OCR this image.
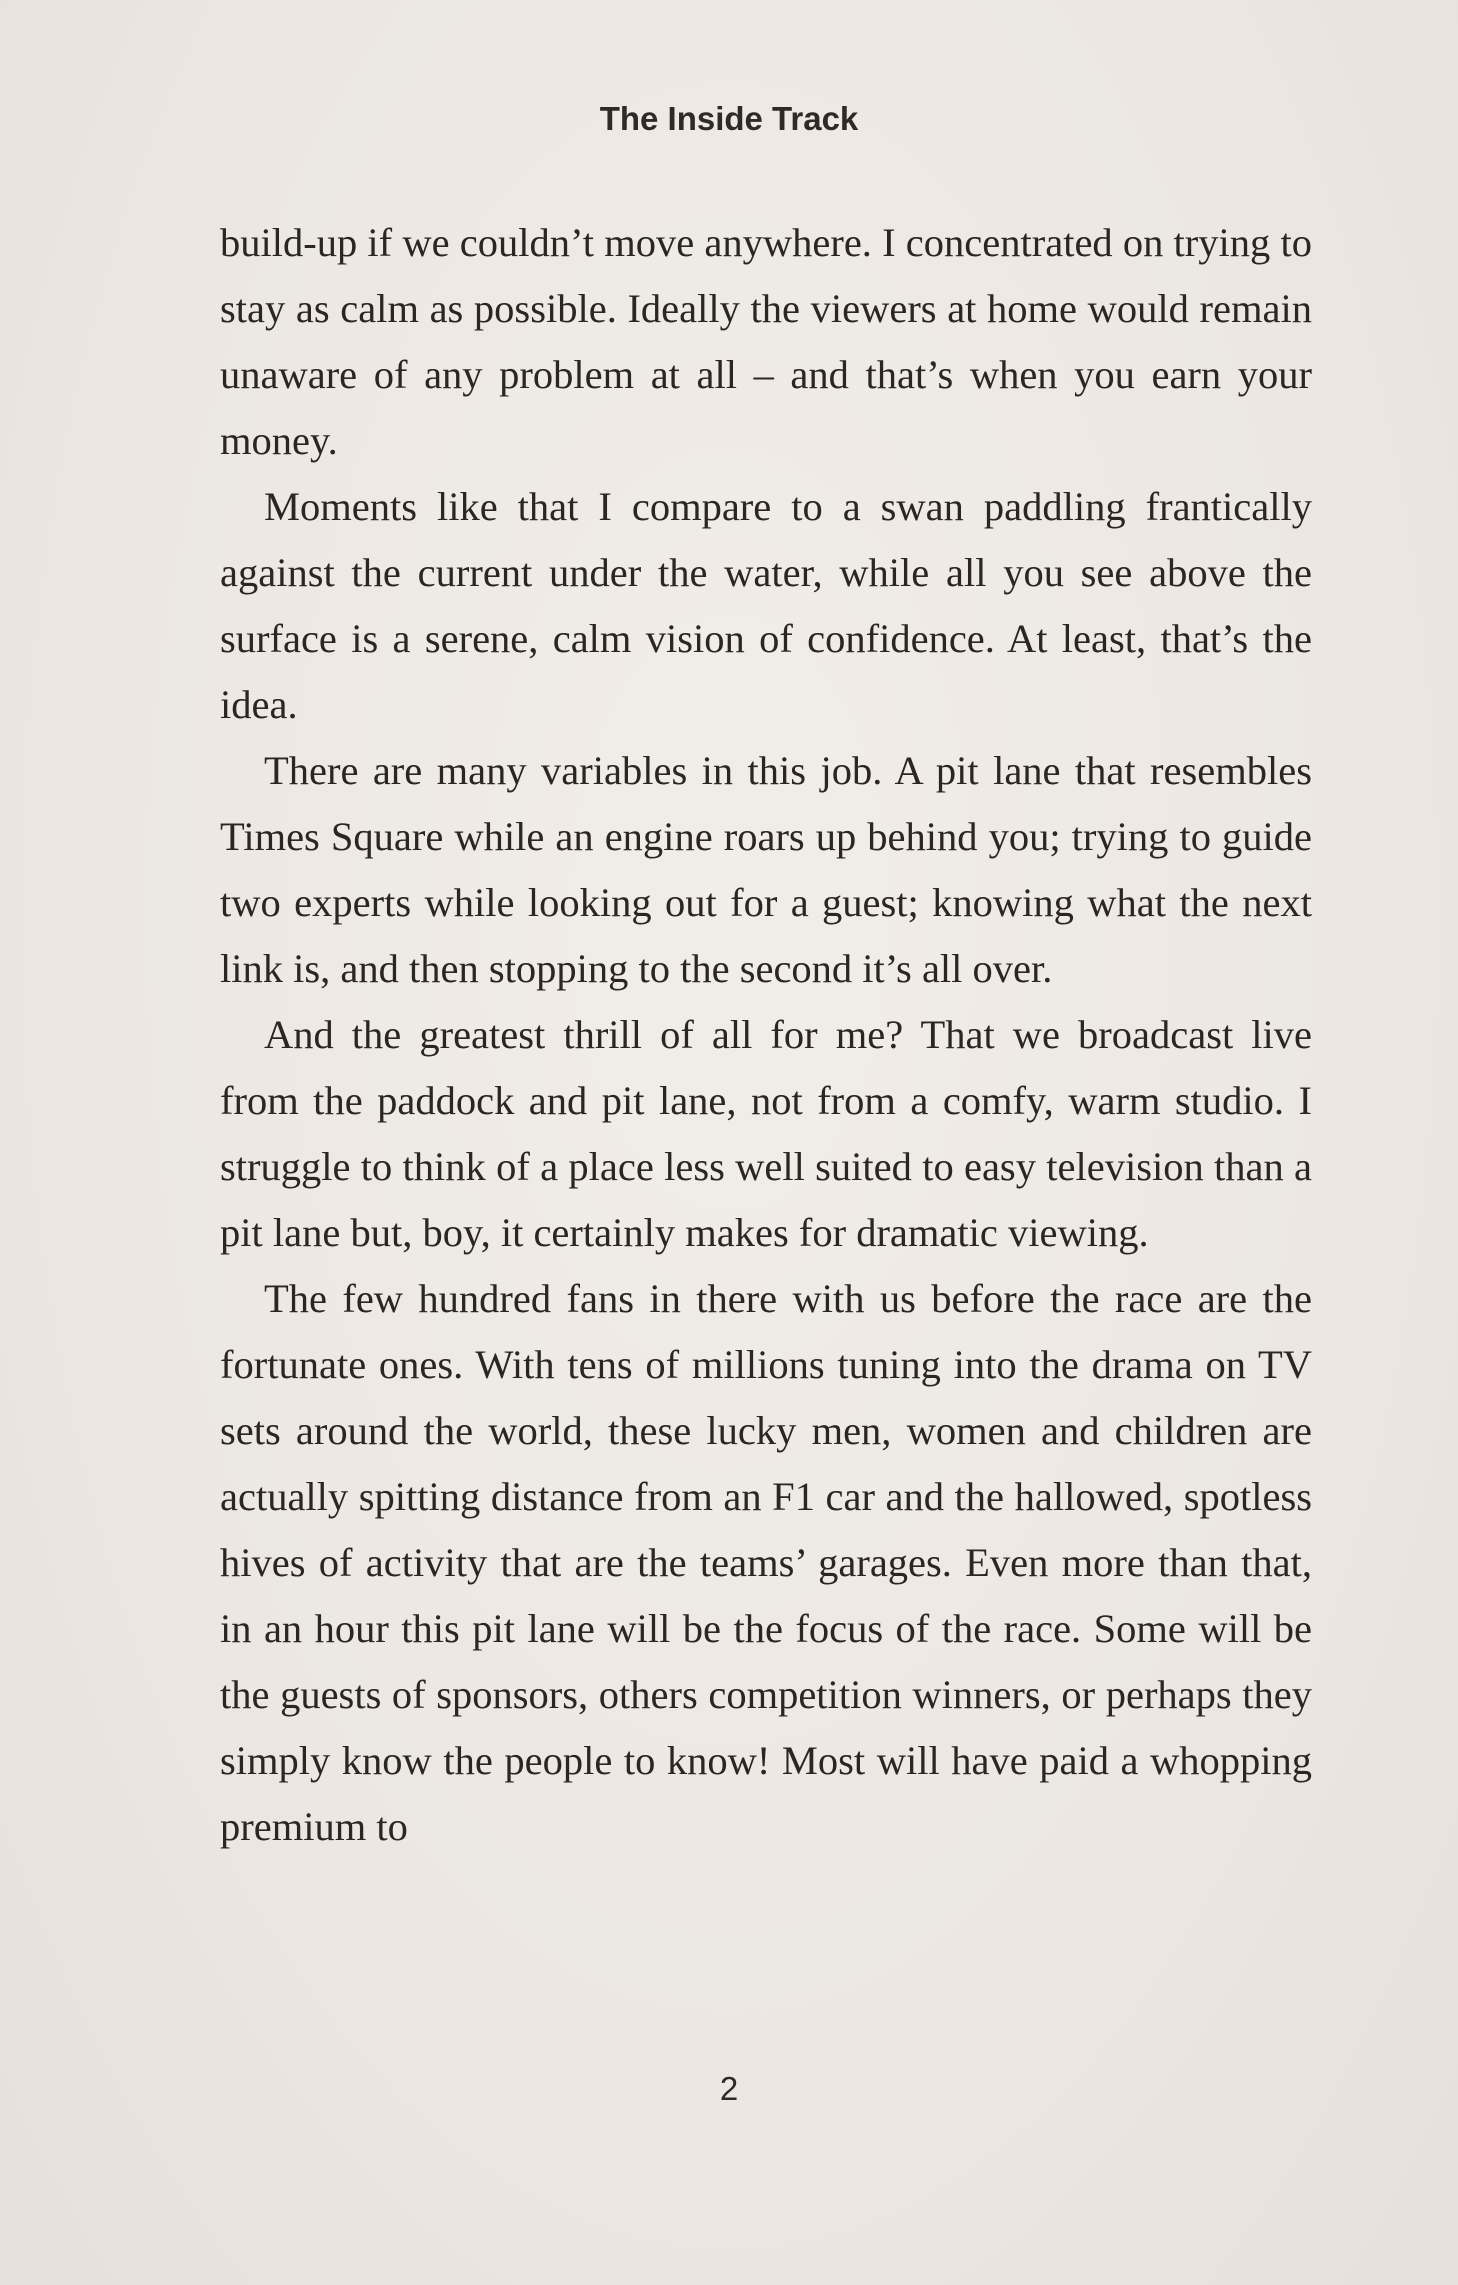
The Inside Track

build-up if we couldn’t move anywhere. I concentrated on trying to stay as calm as possible. Ideally the viewers at home would remain unaware of any problem at all – and that’s when you earn your money.

Moments like that I compare to a swan paddling frantically against the current under the water, while all you see above the surface is a serene, calm vision of confidence. At least, that’s the idea.

There are many variables in this job. A pit lane that resembles Times Square while an engine roars up behind you; trying to guide two experts while looking out for a guest; knowing what the next link is, and then stopping to the second it’s all over.

And the greatest thrill of all for me? That we broadcast live from the paddock and pit lane, not from a comfy, warm studio. I struggle to think of a place less well suited to easy television than a pit lane but, boy, it certainly makes for dramatic viewing.

The few hundred fans in there with us before the race are the fortunate ones. With tens of millions tuning into the drama on TV sets around the world, these lucky men, women and children are actually spitting distance from an F1 car and the hallowed, spotless hives of activity that are the teams’ garages. Even more than that, in an hour this pit lane will be the focus of the race. Some will be the guests of sponsors, others competition winners, or perhaps they simply know the people to know! Most will have paid a whopping premium to

2
